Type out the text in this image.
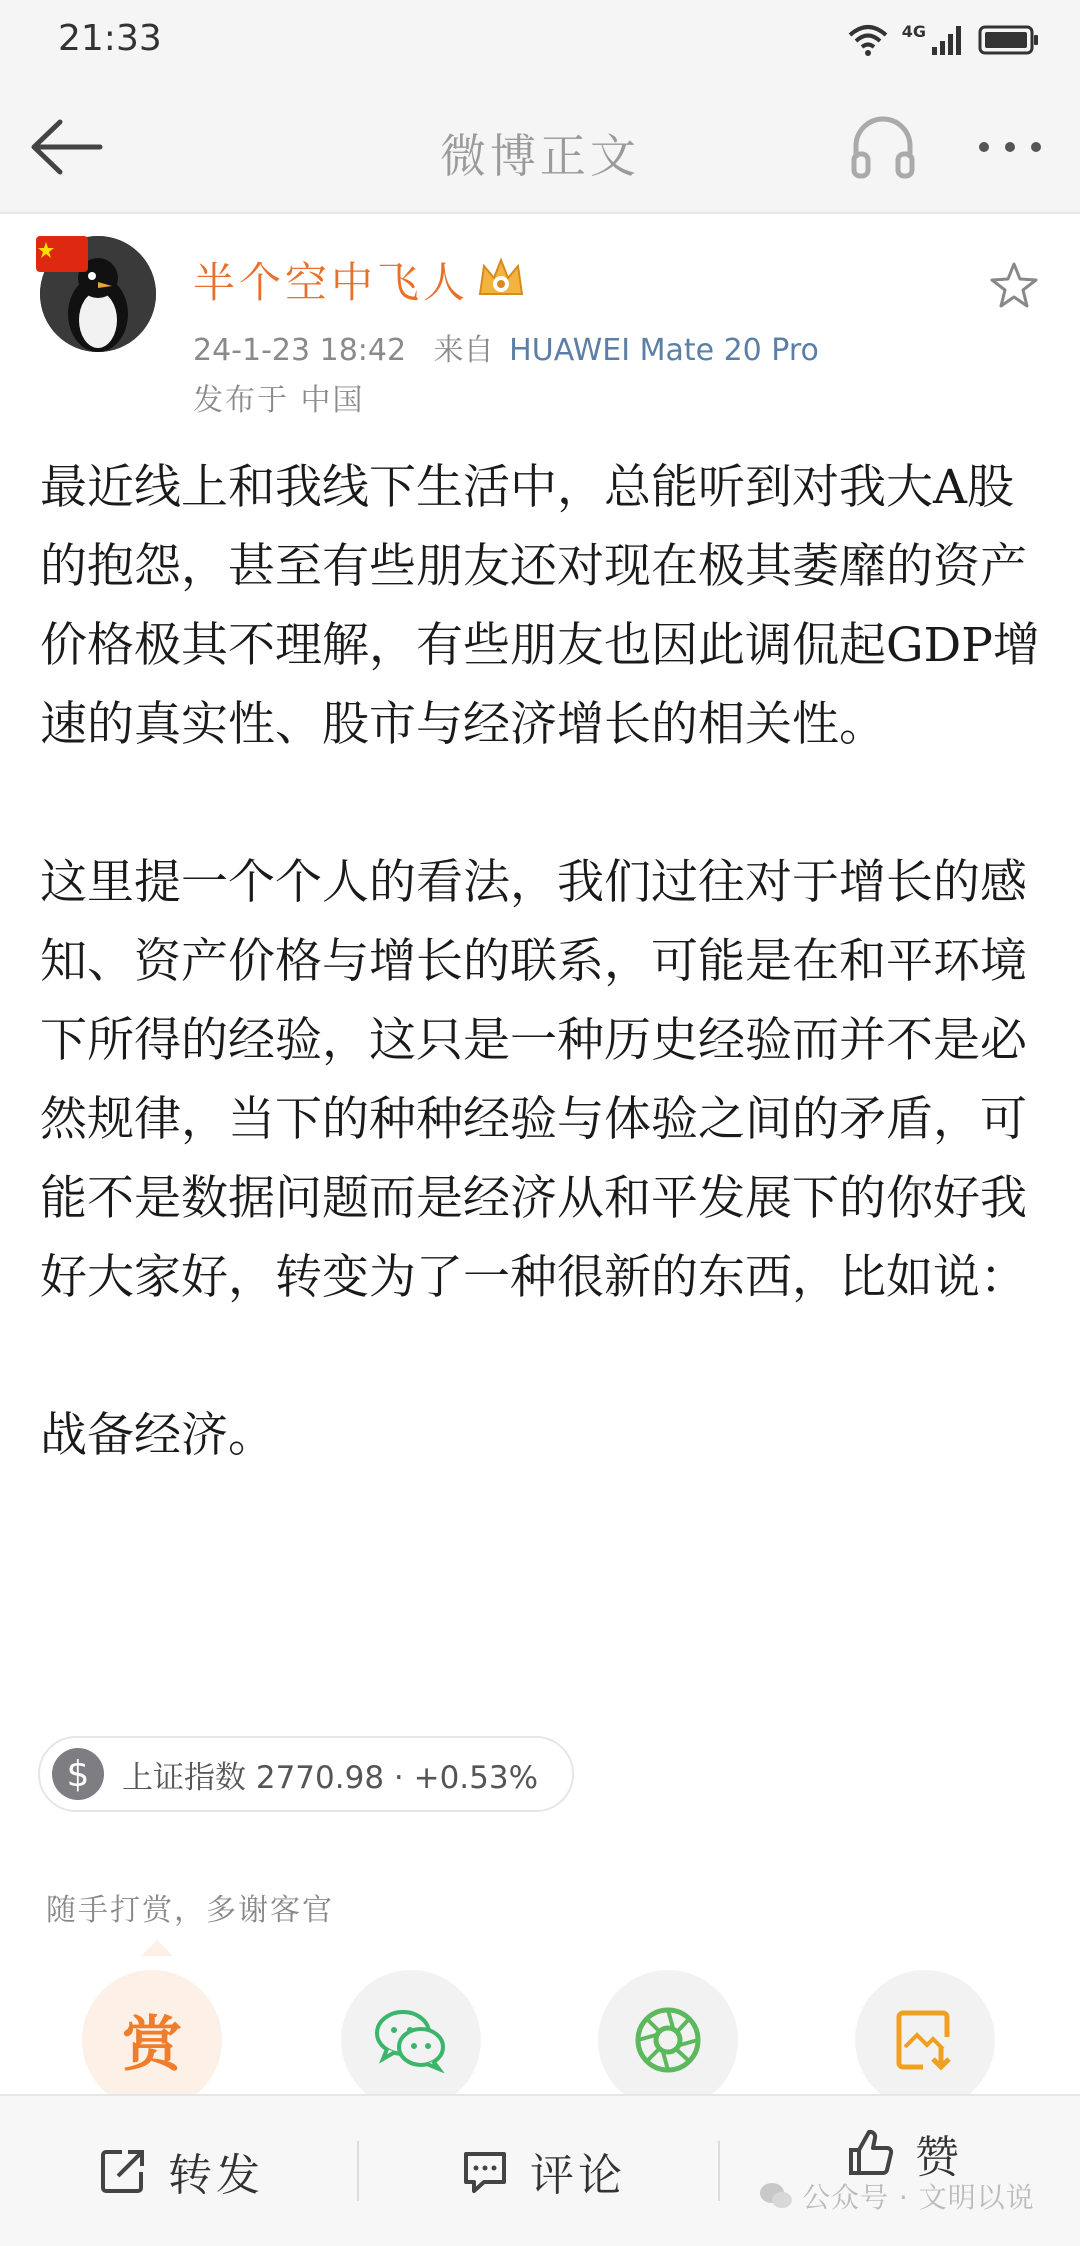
21:33	4G
微博正文
半个空中飞人
24-1-23 18:42 来自 HUAWEI Mate 20 Pro
发布于 中国

最近线上和我线下生活中，总能听到对我大A股的抱怨，甚至有些朋友还对现在极其萎靡的资产价格极其不理解，有些朋友也因此调侃起GDP增速的真实性、股市与经济增长的相关性。

这里提一个个人的看法，我们过往对于增长的感知、资产价格与增长的联系，可能是在和平环境下所得的经验，这只是一种历史经验而并不是必然规律，当下的种种经验与体验之间的矛盾，可能不是数据问题而是经济从和平发展下的你好我好大家好，转变为了一种很新的东西，比如说：

战备经济。

$	上证指数 2770.98 · +0.53%
随手打赏，多谢客官
赏
转发	评论	赞
公众号 · 文明以说
